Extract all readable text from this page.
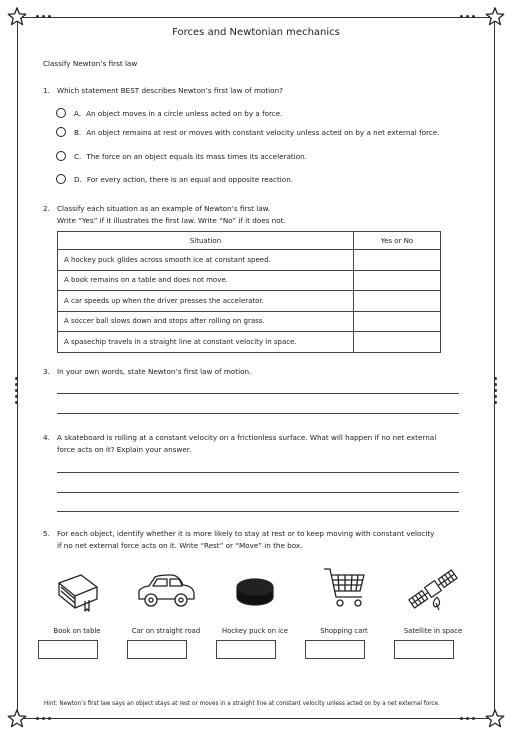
Forces and Newtonian mechanics
Classify Newton’s first law
1. Which statement BEST describes Newton’s first law of motion?
A. An object moves in a circle unless acted on by a force.
B. An object remains at rest or moves with constant velocity unless acted on by a net external force.
C. The force on an object equals its mass times its acceleration.
D. For every action, there is an equal and opposite reaction.
2. Classify each situation as an example of Newton’s first law.
Write “Yes” if it illustrates the first law. Write “No” if it does not.
Situation	Yes or No
A hockey puck glides across smooth ice at constant speed.	
A book remains on a table and does not move.	
A car speeds up when the driver presses the accelerator.	
A soccer ball slows down and stops after rolling on grass.	
A spasechip travels in a straight line at constant velocity in space.	
3. In your own words, state Newton’s first law of motion.
4. A skateboard is rolling at a constant velocity on a frictionless surface. What will happen if no net external
force acts on it? Explain your answer.
5. For each object, identify whether it is more likely to stay at rest or to keep moving with constant velocity
if no net external force acts on it. Write “Rest” or “Move” in the box.
Book on table	Car on straight road	Hockey puck on ice	Shopping cart	Satellite in space
Hint: Newton’s first law says an object stays at rest or moves in a straight line at constant velocity unless acted on by a net external force.
